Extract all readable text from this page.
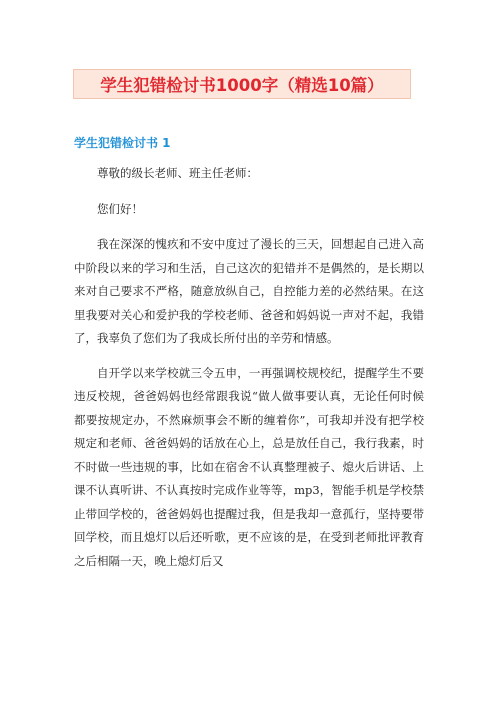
学生犯错检讨书1000字（精选10篇）
学生犯错检讨书 1

尊敬的级长老师、班主任老师：

您们好！

我在深深的愧疚和不安中度过了漫长的三天，回想起自己进入高中阶段以来的学习和生活，自己这次的犯错并不是偶然的，是长期以来对自己要求不严格，随意放纵自己，自控能力差的必然结果。在这里我要对关心和爱护我的学校老师、爸爸和妈妈说一声对不起，我错了，我辜负了您们为了我成长所付出的辛劳和情感。

自开学以来学校就三令五申，一再强调校规校纪，提醒学生不要违反校规，爸爸妈妈也经常跟我说“做人做事要认真，无论任何时候都要按规定办，不然麻烦事会不断的缠着你”，可我却并没有把学校规定和老师、爸爸妈妈的话放在心上，总是放任自己，我行我素，时不时做一些违规的事，比如在宿舍不认真整理被子、熄火后讲话、上课不认真听讲、不认真按时完成作业等等，mp3，智能手机是学校禁止带回学校的，爸爸妈妈也提醒过我，但是我却一意孤行，坚持要带回学校，而且熄灯以后还听歌，更不应该的是，在受到老师批评教育之后相隔一天，晚上熄灯后又
